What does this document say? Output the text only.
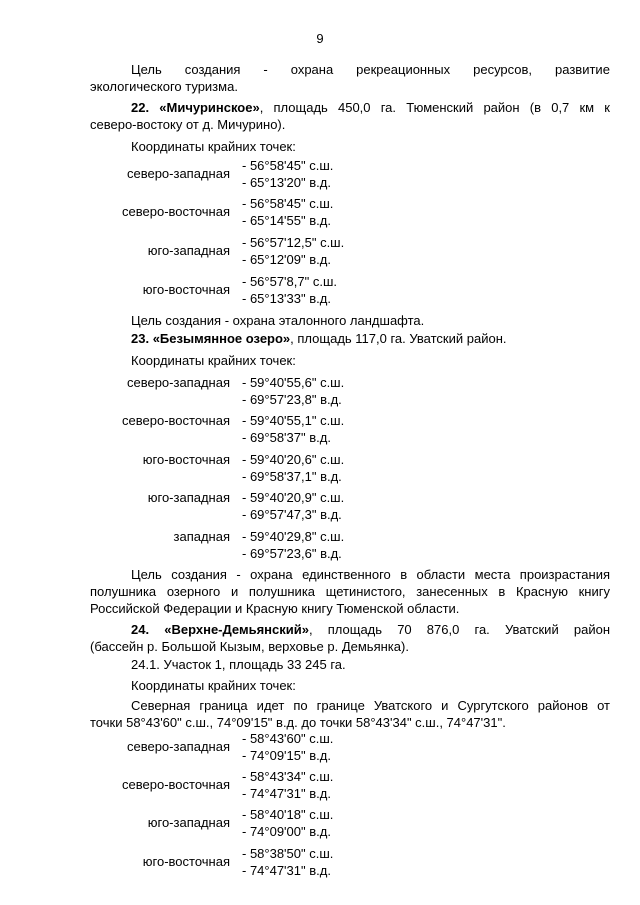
9
Цель создания - охрана рекреационных ресурсов, развитие
экологического туризма.
22. «Мичуринское», площадь 450,0 га. Тюменский район (в 0,7 км к
северо-востоку от д. Мичурино).
Координаты крайних точек:
северо-западная
- 56°58'45" с.ш.
- 65°13'20" в.д.
северо-восточная
- 56°58'45" с.ш.
- 65°14'55" в.д.
юго-западная
- 56°57'12,5" с.ш.
- 65°12'09" в.д.
юго-восточная
- 56°57'8,7" с.ш.
- 65°13'33" в.д.
Цель создания - охрана эталонного ландшафта.
23. «Безымянное озеро», площадь 117,0 га. Уватский район.
Координаты крайних точек:
северо-западная - 59°40'55,6" с.ш.
- 69°57'23,8" в.д.
северо-восточная - 59°40'55,1" с.ш.
- 69°58'37" в.д.
юго-восточная - 59°40'20,6" с.ш.
- 69°58'37,1" в.д.
юго-западная - 59°40'20,9" с.ш.
- 69°57'47,3" в.д.
западная - 59°40'29,8" с.ш.
- 69°57'23,6" в.д.
Цель создания - охрана единственного в области места произрастания
полушника озерного и полушника щетинистого, занесенных в Красную книгу
Российской Федерации и Красную книгу Тюменской области.
24. «Верхне-Демьянский», площадь 70 876,0 га. Уватский район
(бассейн р. Большой Кызым, верховье р. Демьянка).
24.1. Участок 1, площадь 33 245 га.
Координаты крайних точек:
Северная граница идет по границе Уватского и Сургутского районов от
точки 58°43'60" с.ш., 74°09'15" в.д. до точки 58°43'34" с.ш., 74°47'31".
северо-западная
- 58°43'60" с.ш.
- 74°09'15" в.д.
северо-восточная
- 58°43'34" с.ш.
- 74°47'31" в.д.
юго-западная
- 58°40'18" с.ш.
- 74°09'00" в.д.
юго-восточная
- 58°38'50" с.ш.
- 74°47'31" в.д.
